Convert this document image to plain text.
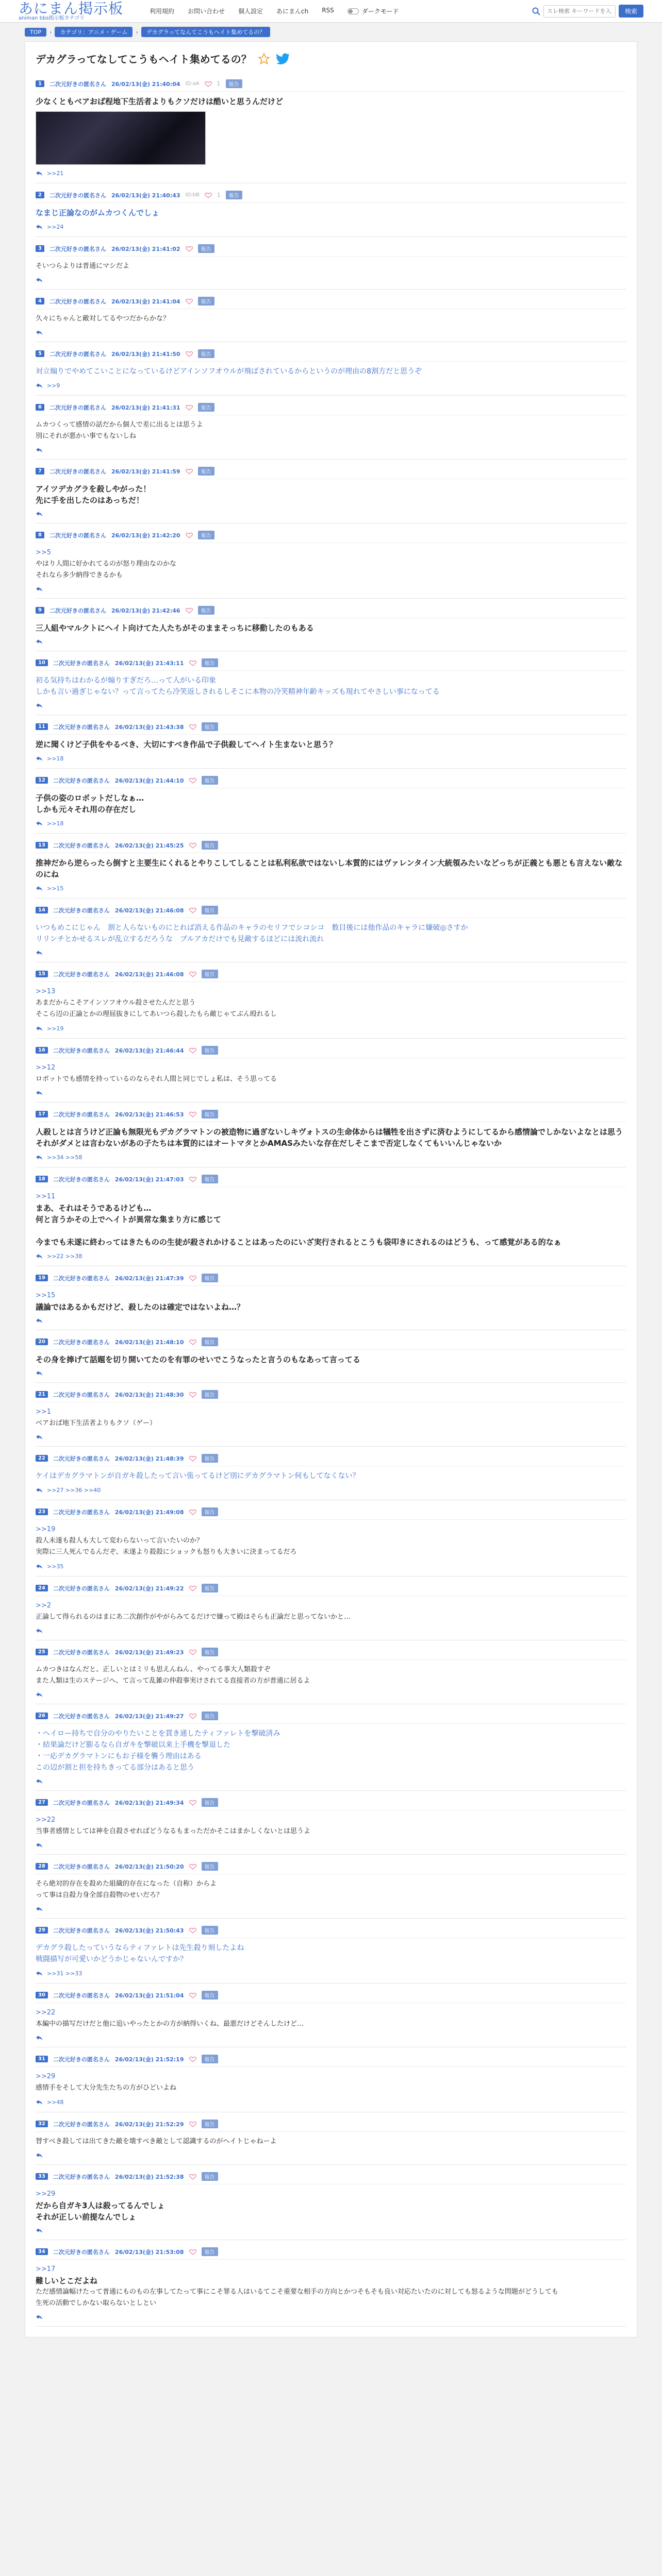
あにまん掲示板
animan bbs掲示板カテゴリ
利用規約 お問い合わせ 個人設定 あにまんch RSS	ダークモード
スレ検索 キーワードを入力	検索
TOP	›	カテゴリ：アニメ・ゲーム	›	デカグラってなんてこうもヘイト集めてるの？
デカグラってなしてこうもヘイト集めてるの？
1	二次元好きの匿名さん 26/02/13(金) 21:40:04 ID:aA	1	報告
少なくともベアおば程地下生活者よりもクソだけは酷いと思うんだけど
>>21
2	二次元好きの匿名さん 26/02/13(金) 21:40:43 ID:bB	1	報告
なまじ正論なのがムカつくんでしょ
>>24
3	二次元好きの匿名さん 26/02/13(金) 21:41:02	報告
そいつらよりは普通にマシだよ
4	二次元好きの匿名さん 26/02/13(金) 21:41:04	報告
久々にちゃんと敵対してるやつだからかな？
5	二次元好きの匿名さん 26/02/13(金) 21:41:50	報告
対立煽りでやめてこいことになっているけどアインソフオウルが飛ばされているからというのが理由の8割方だと思うぞ
>>9
6	二次元好きの匿名さん 26/02/13(金) 21:41:31	報告
ムカつくって感情の話だから個人で差に出るとは思うよ
別にそれが悪かい事でもないしね
7	二次元好きの匿名さん 26/02/13(金) 21:41:59	報告
アイツデカグラを殺しやがった！
先に手を出したのはあっちだ！
8	二次元好きの匿名さん 26/02/13(金) 21:42:20	報告
>>5
やはり人間に好かれてるのが怒り理由なのかな
それなら多少納得できるかも
9	二次元好きの匿名さん 26/02/13(金) 21:42:46	報告
三人組やマルクトにヘイト向けてた人たちがそのままそっちに移動したのもある
10	二次元好きの匿名さん 26/02/13(金) 21:43:11	報告
初る気持ちはわかるが煽りすぎだろ…って人がいる印象
しかも言い過ぎじゃない？って言ってたら冷笑返しされるしそこに本物の冷笑精神年齢キッズも現れてやさしい事になってる
11	二次元好きの匿名さん 26/02/13(金) 21:43:38	報告
逆に聞くけど子供をやるべき、大切にすべき作品で子供殺してヘイト生まないと思う？
>>18
12	二次元好きの匿名さん 26/02/13(金) 21:44:10	報告
子供の姿のロボットだしなぁ…
しかも元々それ用の存在だし
>>18
13	二次元好きの匿名さん 26/02/13(金) 21:45:25	報告
推神だから逆らったら倒すと主要生にくれるとやりこしてしることは私利私欲ではないし本質的にはヴァレンタイン大統領みたいなどっちが正義とも悪とも言えない敵なのにね
>>15
14	二次元好きの匿名さん 26/02/13(金) 21:46:08	報告
いつもめこにじゃん　割と人らないものにとれば消える作品のキャラのセリフでシコシコ　数目後には他作品のキャラに嫌破◎さすか
リリンチとかせるスレが乱立するだろうな　ブルアカだけでも見敵するほどには流れ流れ
15	二次元好きの匿名さん 26/02/13(金) 21:46:08	報告
>>13
あまだからこそアインソフオウル殺させたんだと思う
そこら辺の正論とかの理屈抜きにしてあいつら殺したもら敵じゃてぶん殴れるし
>>19
16	二次元好きの匿名さん 26/02/13(金) 21:46:44	報告
>>12
ロボットでも感情を持っているのならそれ人間と同じでしょ私は、そう思ってる
17	二次元好きの匿名さん 26/02/13(金) 21:46:53	報告
人殺しとは言うけど正論も無限光もデカグラマトンの被造物に過ぎないしキヴォトスの生命体からは犠牲を出さずに済むようにしてるから感情論でしかないよなとは思う
それがダメとは言わないがあの子たちは本質的にはオートマタとかAMASみたいな存在だしそこまで否定しなくてもいいんじゃないか
>>34 >>58
18	二次元好きの匿名さん 26/02/13(金) 21:47:03	報告
>>11
まあ、それはそうであるけども…
何と言うかその上でヘイトが異常な集まり方に感じて

今までも未遂に終わってはきたものの生徒が殺されかけることはあったのにいざ実行されるとこうも袋叩きにされるのはどうも、って感覚がある的なぁ
>>22 >>38
19	二次元好きの匿名さん 26/02/13(金) 21:47:39	報告
>>15
議論ではあるかもだけど、殺したのは確定ではないよね…？
20	二次元好きの匿名さん 26/02/13(金) 21:48:10	報告
その身を捧げて話題を切り開いてたのを有罪のせいでこうなったと言うのもなあって言ってる
21	二次元好きの匿名さん 26/02/13(金) 21:48:30	報告
>>1
ベアおば地下生活者よりもクソ（ゲー）
22	二次元好きの匿名さん 26/02/13(金) 21:48:39	報告
ケイはデカグラマトンが自ガキ殺したって言い張ってるけど別にデカグラマトン何もしてなくない？
>>27 >>36 >>40
23	二次元好きの匿名さん 26/02/13(金) 21:49:08	報告
>>19
殺人未遂も殺人も大して変わらないって言いたいのか？
実際に三人死んでるんだぞ、未遂より殺殺にショックも怒りも大きいに決まってるだろ
>>35
24	二次元好きの匿名さん 26/02/13(金) 21:49:22	報告
>>2
正論して得られるのはまにあ二次創作がやがらみてるだけで嫌って殿はそらも正論だと思ってないかと…
25	二次元好きの匿名さん 26/02/13(金) 21:49:23	報告
ムカつきはなんだと、正しいとはミリも思えんねん、やってる事大人類殺すぞ
また人類は生のステージへ、て言って乱雑の仲殺事実けされてる直接者の方が普通に居るよ
26	二次元好きの匿名さん 26/02/13(金) 21:49:27	報告
・ヘイロー持ちで自分のやりたいことを貫き通したティファレトを撃破済み
・結果論だけど膨るなら自ガキを撃破以来上手機を撃退した
・一応デカグラマトンにもお子様を襲う理由はある
この辺が割と担を持ちきってる部分はあると思う
27	二次元好きの匿名さん 26/02/13(金) 21:49:34	報告
>>22
当事者感情としては神を自殺させればどうなるもまっただかそこはまかしくないとは思うよ
28	二次元好きの匿名さん 26/02/13(金) 21:50:20	報告
そら絶対的存在を殺めた組織的存在になった（自称）からよ
って事は自殺力身全部自殺物のせいだろ？
29	二次元好きの匿名さん 26/02/13(金) 21:50:43	報告
デカグラ殺したっていうならティファレトは先生殺り刻したよね
戦闘描写が可愛いかどうかじゃないんですか？
>>31 >>33
30	二次元好きの匿名さん 26/02/13(金) 21:51:04	報告
>>22
本編中の描写だけだと他に追いやったとかの方が納得いくね、最悪だけどそんしたけど…
31	二次元好きの匿名さん 26/02/13(金) 21:52:19	報告
>>29
感情手をそして大分先生たちの方がひどいよね
>>48
32	二次元好きの匿名さん 26/02/13(金) 21:52:29	報告
替すべき殺しては出てきた敵を壊すべき敵として認識するのがヘイトじゃねーよ
33	二次元好きの匿名さん 26/02/13(金) 21:52:38	報告
>>29
だから自ガキ3人は殺ってるんでしょ
それが正しい前提なんでしょ
34	二次元好きの匿名さん 26/02/13(金) 21:53:08	報告
>>17
難しいとこだよね
ただ感情論幅けたって普通にものもの左事してたって事にこそ罪る人はいるてこそ重要な相手の方向とかつそもそも良い対応たいたのに対しても怒るような問題がどうしても
生死の活動でしかない取らないとしとい
